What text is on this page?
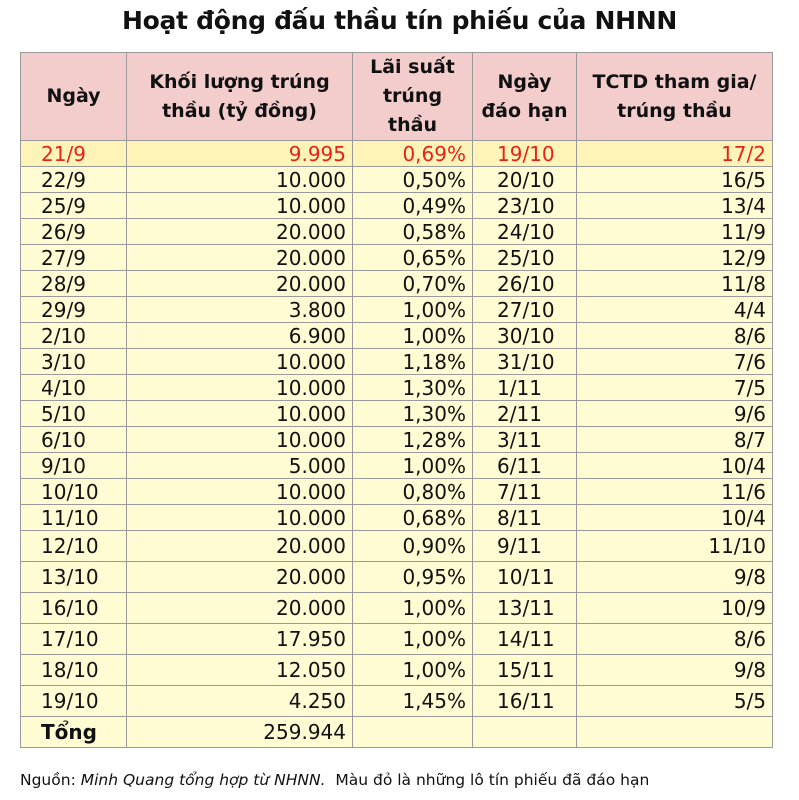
Hoạt động đấu thầu tín phiếu của NHNN
Ngày	Khối lượng trúng thầu (tỷ đồng)	Lãi suất trúng thầu	Ngày đáo hạn	TCTD tham gia/ trúng thầu
21/9	9.995	0,69%	19/10	17/2
22/9	10.000	0,50%	20/10	16/5
25/9	10.000	0,49%	23/10	13/4
26/9	20.000	0,58%	24/10	11/9
27/9	20.000	0,65%	25/10	12/9
28/9	20.000	0,70%	26/10	11/8
29/9	3.800	1,00%	27/10	4/4
2/10	6.900	1,00%	30/10	8/6
3/10	10.000	1,18%	31/10	7/6
4/10	10.000	1,30%	1/11	7/5
5/10	10.000	1,30%	2/11	9/6
6/10	10.000	1,28%	3/11	8/7
9/10	5.000	1,00%	6/11	10/4
10/10	10.000	0,80%	7/11	11/6
11/10	10.000	0,68%	8/11	10/4
12/10	20.000	0,90%	9/11	11/10
13/10	20.000	0,95%	10/11	9/8
16/10	20.000	1,00%	13/11	10/9
17/10	17.950	1,00%	14/11	8/6
18/10	12.050	1,00%	15/11	9/8
19/10	4.250	1,45%	16/11	5/5
Tổng	259.944			
Nguồn: Minh Quang tổng hợp từ NHNN. Màu đỏ là những lô tín phiếu đã đáo hạn
